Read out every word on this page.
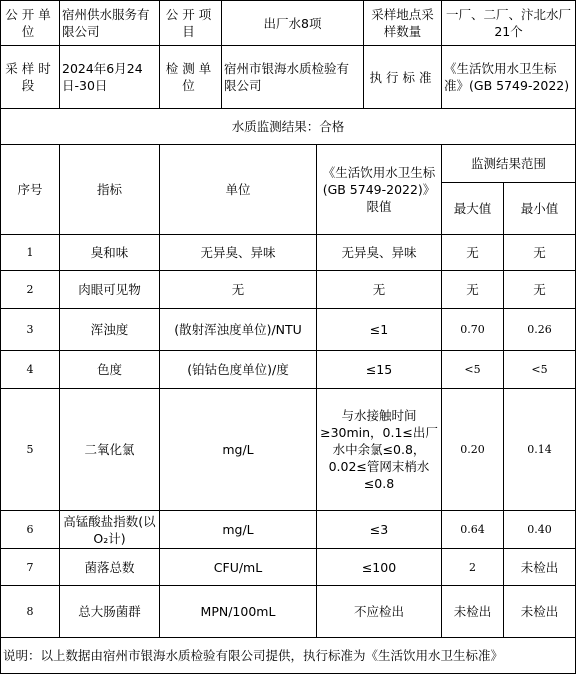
公开单位	宿州供水服务有限公司	公开项目	出厂水8项		采样地点采样数量	一厂、二厂、汴北水厂 21个		
采样时段	2024年6月24日-30日	检测单位	宿州市银海水质检验有限公司		执行标准	《生活饮用水卫生标准》(GB 5749-2022)		
水质监测结果：合格								
序号	指标	单位		《生活饮用水卫生标(GB 5749-2022)》限值		监测结果范围		
						最大值	最小值	
1	臭和味	无异臭、异味		无异臭、异味		无	无	
2	肉眼可见物	无		无		无	无	
3	浑浊度	(散射浑浊度单位)/NTU		≤1		0.70	0.26	
4	色度	(铂钴色度单位)/度		≤15		<5	<5	
5	二氧化氯	mg/L		与水接触时间≥30min，0.1≤出厂水中余氯≤0.8，0.02≤管网末梢水≤0.8		0.20	0.14	
6	高锰酸盐指数(以O₂计)	mg/L		≤3		0.64	0.40	
7	菌落总数	CFU/mL		≤100		2	未检出	
8	总大肠菌群	MPN/100mL		不应检出		未检出	未检出	
说明：以上数据由宿州市银海水质检验有限公司提供，执行标准为《生活饮用水卫生标准》								
